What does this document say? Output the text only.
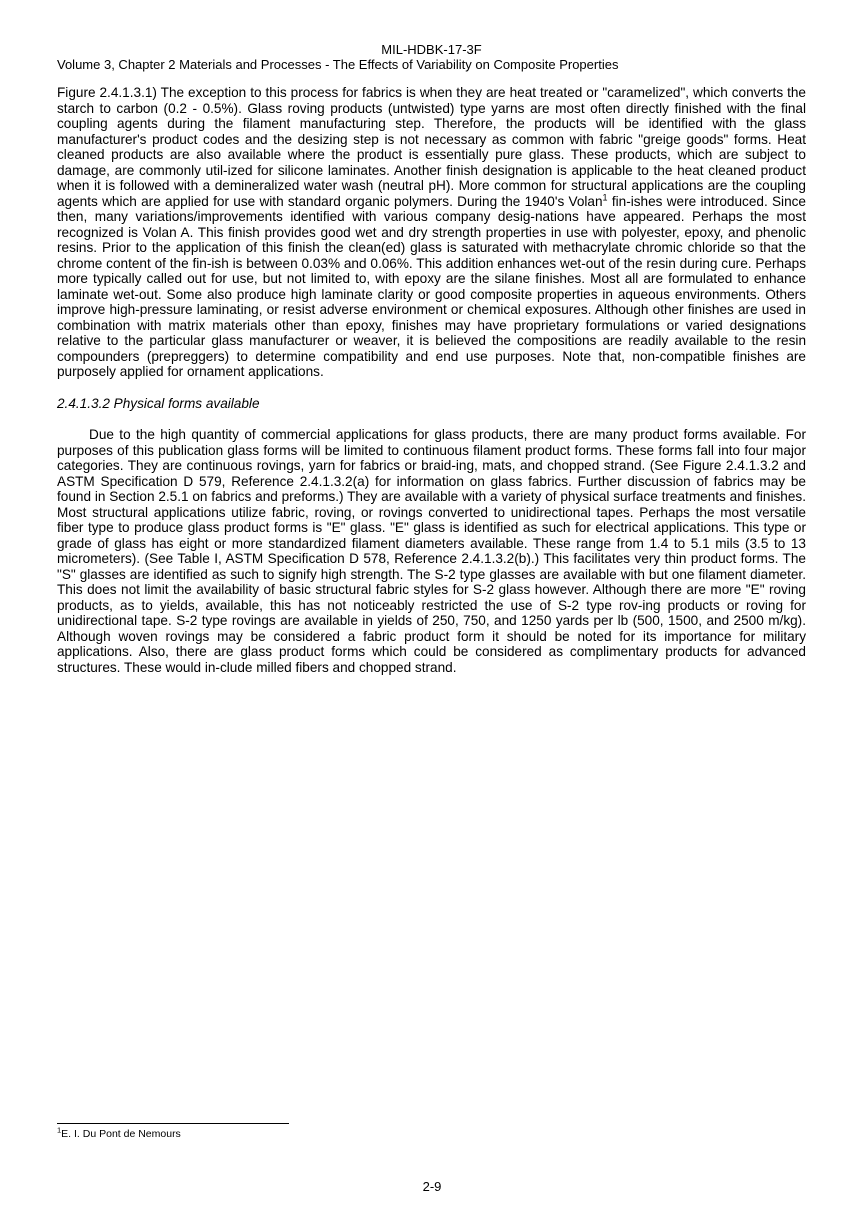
MIL-HDBK-17-3F

Volume 3, Chapter 2 Materials and Processes - The Effects of Variability on Composite Properties

Figure 2.4.1.3.1) The exception to this process for fabrics is when they are heat treated or "caramelized", which converts the starch to carbon (0.2 - 0.5%). Glass roving products (untwisted) type yarns are most often directly finished with the final coupling agents during the filament manufacturing step. Therefore, the products will be identified with the glass manufacturer's product codes and the desizing step is not necessary as common with fabric "greige goods" forms. Heat cleaned products are also available where the product is essentially pure glass. These products, which are subject to damage, are commonly util-ized for silicone laminates. Another finish designation is applicable to the heat cleaned product when it is followed with a demineralized water wash (neutral pH). More common for structural applications are the coupling agents which are applied for use with standard organic polymers. During the 1940's Volan$^1$ fin-ishes were introduced. Since then, many variations/improvements identified with various company desig-nations have appeared. Perhaps the most recognized is Volan A. This finish provides good wet and dry strength properties in use with polyester, epoxy, and phenolic resins. Prior to the application of this finish the clean(ed) glass is saturated with methacrylate chromic chloride so that the chrome content of the fin-ish is between 0.03% and 0.06%. This addition enhances wet-out of the resin during cure. Perhaps more typically called out for use, but not limited to, with epoxy are the silane finishes. Most all are formulated to enhance laminate wet-out. Some also produce high laminate clarity or good composite properties in aqueous environments. Others improve high-pressure laminating, or resist adverse environment or chemical exposures. Although other finishes are used in combination with matrix materials other than epoxy, finishes may have proprietary formulations or varied designations relative to the particular glass manufacturer or weaver, it is believed the compositions are readily available to the resin compounders (prepreggers) to determine compatibility and end use purposes. Note that, non-compatible finishes are purposely applied for ornament applications.

2.4.1.3.2 Physical forms available

Due to the high quantity of commercial applications for glass products, there are many product forms available. For purposes of this publication glass forms will be limited to continuous filament product forms. These forms fall into four major categories. They are continuous rovings, yarn for fabrics or braid-ing, mats, and chopped strand. (See Figure 2.4.1.3.2 and ASTM Specification D 579, Reference 2.4.1.3.2(a) for information on glass fabrics. Further discussion of fabrics may be found in Section 2.5.1 on fabrics and preforms.) They are available with a variety of physical surface treatments and finishes. Most structural applications utilize fabric, roving, or rovings converted to unidirectional tapes. Perhaps the most versatile fiber type to produce glass product forms is "E" glass. "E" glass is identified as such for electrical applications. This type or grade of glass has eight or more standardized filament diameters available. These range from 1.4 to 5.1 mils (3.5 to 13 micrometers). (See Table I, ASTM Specification D 578, Reference 2.4.1.3.2(b).) This facilitates very thin product forms. The "S" glasses are identified as such to signify high strength. The S-2 type glasses are available with but one filament diameter. This does not limit the availability of basic structural fabric styles for S-2 glass however. Although there are more "E" roving products, as to yields, available, this has not noticeably restricted the use of S-2 type rov-ing products or roving for unidirectional tape. S-2 type rovings are available in yields of 250, 750, and 1250 yards per lb (500, 1500, and 2500 m/kg). Although woven rovings may be considered a fabric product form it should be noted for its importance for military applications. Also, there are glass product forms which could be considered as complimentary products for advanced structures. These would in-clude milled fibers and chopped strand.

$^1$E. I. Du Pont de Nemours

2-9
